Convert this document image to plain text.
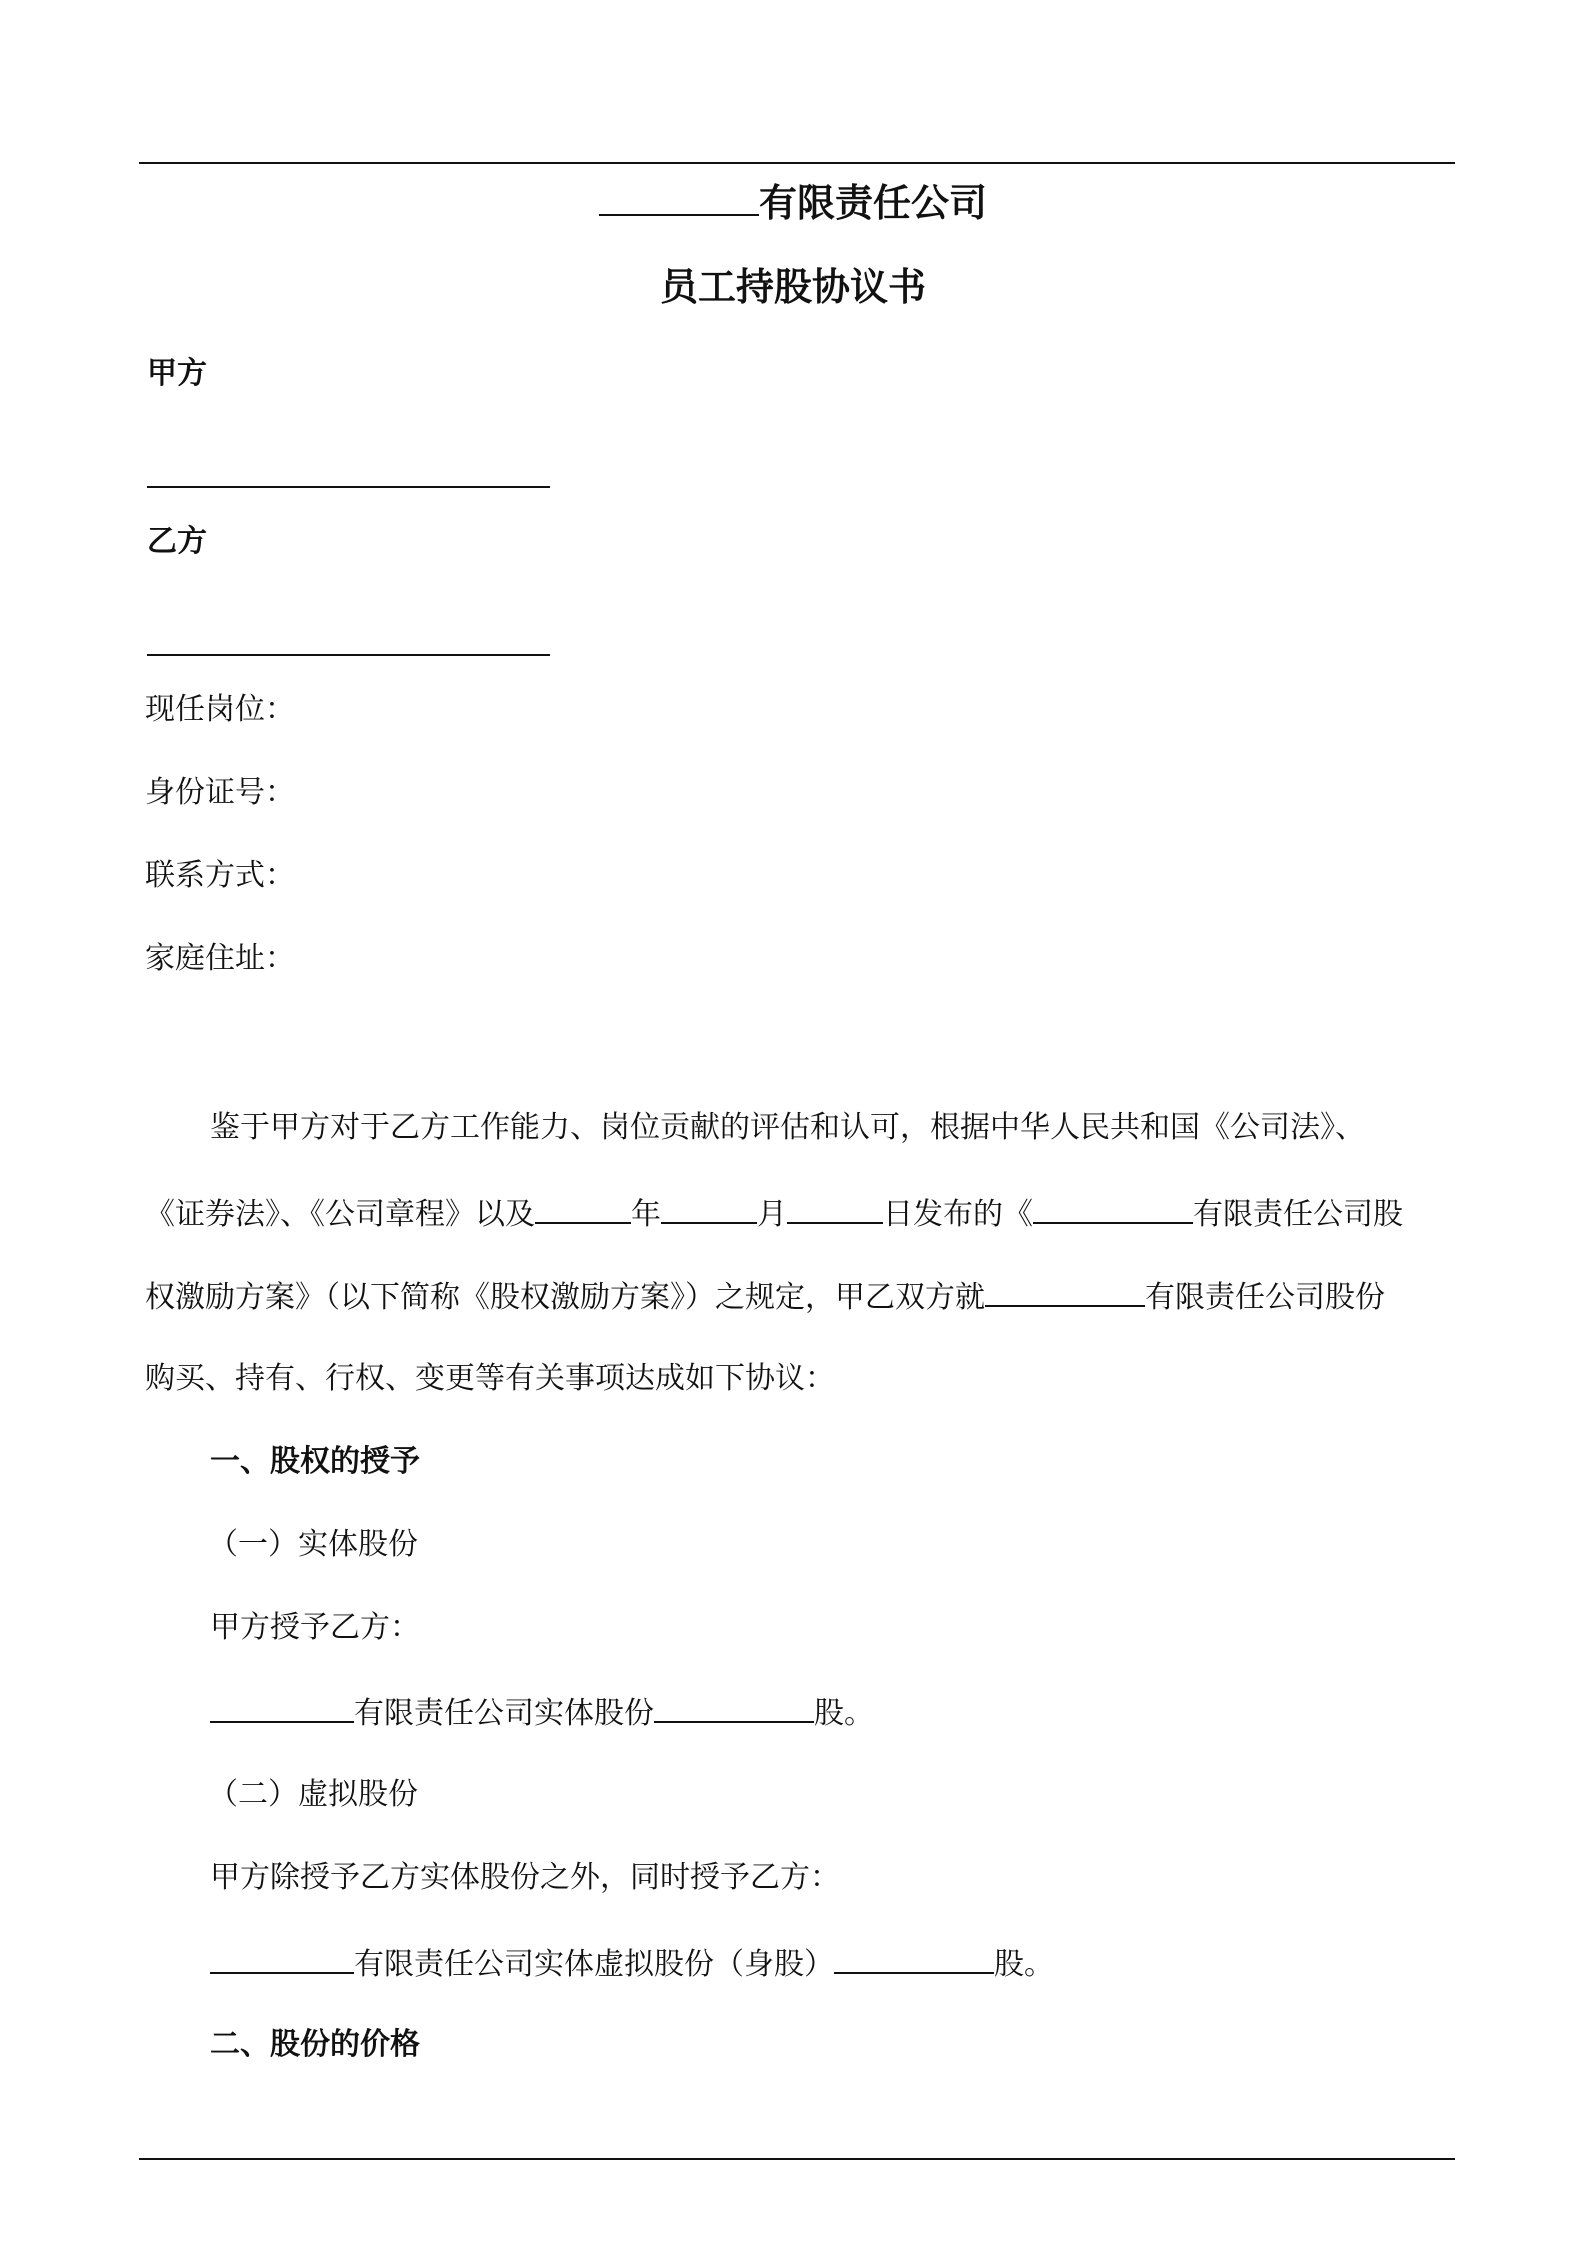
有限责任公司
员工持股协议书
甲方
乙方
现任岗位：
身份证号：
联系方式：
家庭住址：
鉴于甲方对于乙方工作能力、岗位贡献的评估和认可，根据中华人民共和国《公司法》、
《证券法》、《公司章程》以及	年	月	日发布的《	有限责任公司股
权激励方案》（以下简称《股权激励方案》）之规定，甲乙双方就	有限责任公司股份
购买、持有、行权、变更等有关事项达成如下协议：
一、股权的授予
（一）实体股份
甲方授予乙方：
有限责任公司实体股份	股。
（二）虚拟股份
甲方除授予乙方实体股份之外，同时授予乙方：
有限责任公司实体虚拟股份（身股）	股。
二、股份的价格
